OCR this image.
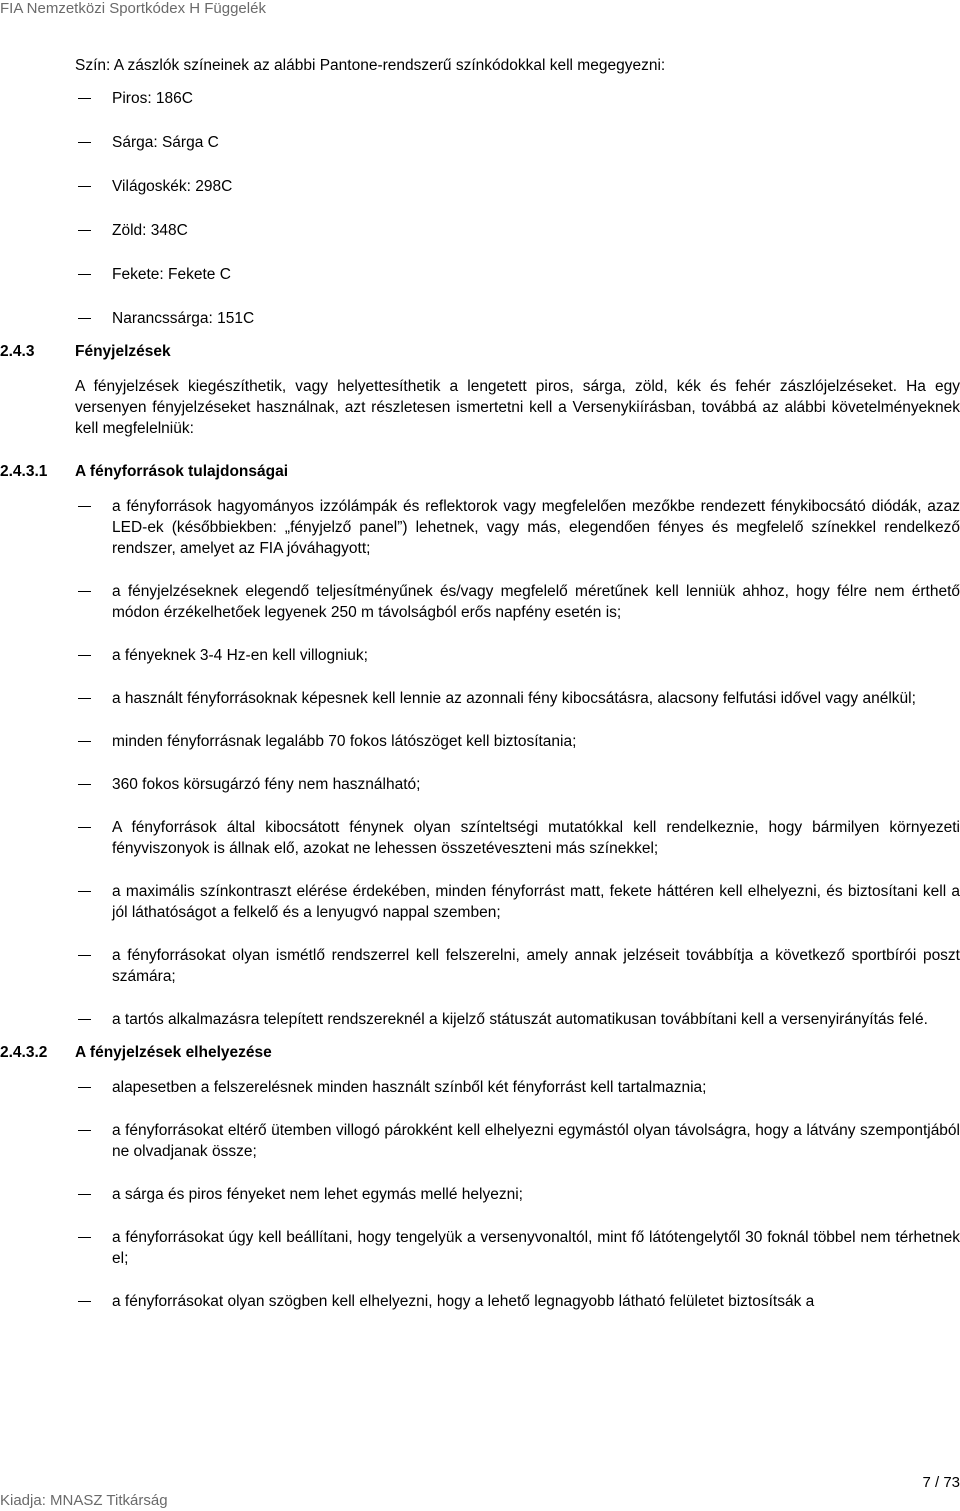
FIA Nemzetközi Sportkódex H Függelék

Szín: A zászlók színeinek az alábbi Pantone-rendszerű színkódokkal kell megegyezni:

Piros: 186C
Sárga: Sárga C
Világoskék: 298C
Zöld: 348C
Fekete: Fekete C
Narancssárga: 151C
2.4.3	Fényjelzések

A fényjelzések kiegészíthetik, vagy helyettesíthetik a lengetett piros, sárga, zöld, kék és fehér zászlójelzéseket. Ha egy versenyen fényjelzéseket használnak, azt részletesen ismertetni kell a Versenykiírásban, továbbá az alábbi követelményeknek kell megfelelniük:

2.4.3.1 A fényforrások tulajdonságai
a fényforrások hagyományos izzólámpák és reflektorok vagy megfelelően mezőkbe rendezett fénykibocsátó diódák, azaz LED-ek (későbbiekben: „fényjelző panel”) lehetnek, vagy más, elegendően fényes és megfelelő színekkel rendelkező rendszer, amelyet az FIA jóváhagyott;
a fényjelzéseknek elegendő teljesítményűnek és/vagy megfelelő méretűnek kell lenniük ahhoz, hogy félre nem érthető módon érzékelhetőek legyenek 250 m távolságból erős napfény esetén is;
a fényeknek 3-4 Hz-en kell villogniuk;
a használt fényforrásoknak képesnek kell lennie az azonnali fény kibocsátásra, alacsony felfutási idővel vagy anélkül;
minden fényforrásnak legalább 70 fokos látószöget kell biztosítania;
360 fokos körsugárzó fény nem használható;
A fényforrások által kibocsátott fénynek olyan színteltségi mutatókkal kell rendelkeznie, hogy bármilyen környezeti fényviszonyok is állnak elő, azokat ne lehessen összetéveszteni más színekkel;
a maximális színkontraszt elérése érdekében, minden fényforrást matt, fekete háttéren kell elhelyezni, és biztosítani kell a jól láthatóságot a felkelő és a lenyugvó nappal szemben;
a fényforrásokat olyan ismétlő rendszerrel kell felszerelni, amely annak jelzéseit továbbítja a következő sportbírói poszt számára;
a tartós alkalmazásra telepített rendszereknél a kijelző státuszát automatikusan továbbítani kell a versenyirányítás felé.
2.4.3.2 A fényjelzések elhelyezése
alapesetben a felszerelésnek minden használt színből két fényforrást kell tartalmaznia;
a fényforrásokat eltérő ütemben villogó párokként kell elhelyezni egymástól olyan távolságra, hogy a látvány szempontjából ne olvadjanak össze;
a sárga és piros fényeket nem lehet egymás mellé helyezni;
a fényforrásokat úgy kell beállítani, hogy tengelyük a versenyvonaltól, mint fő látótengelytől 30 foknál többel nem térhetnek el;
a fényforrásokat olyan szögben kell elhelyezni, hogy a lehető legnagyobb látható felületet biztosítsák a
7 / 73
Kiadja: MNASZ Titkárság
